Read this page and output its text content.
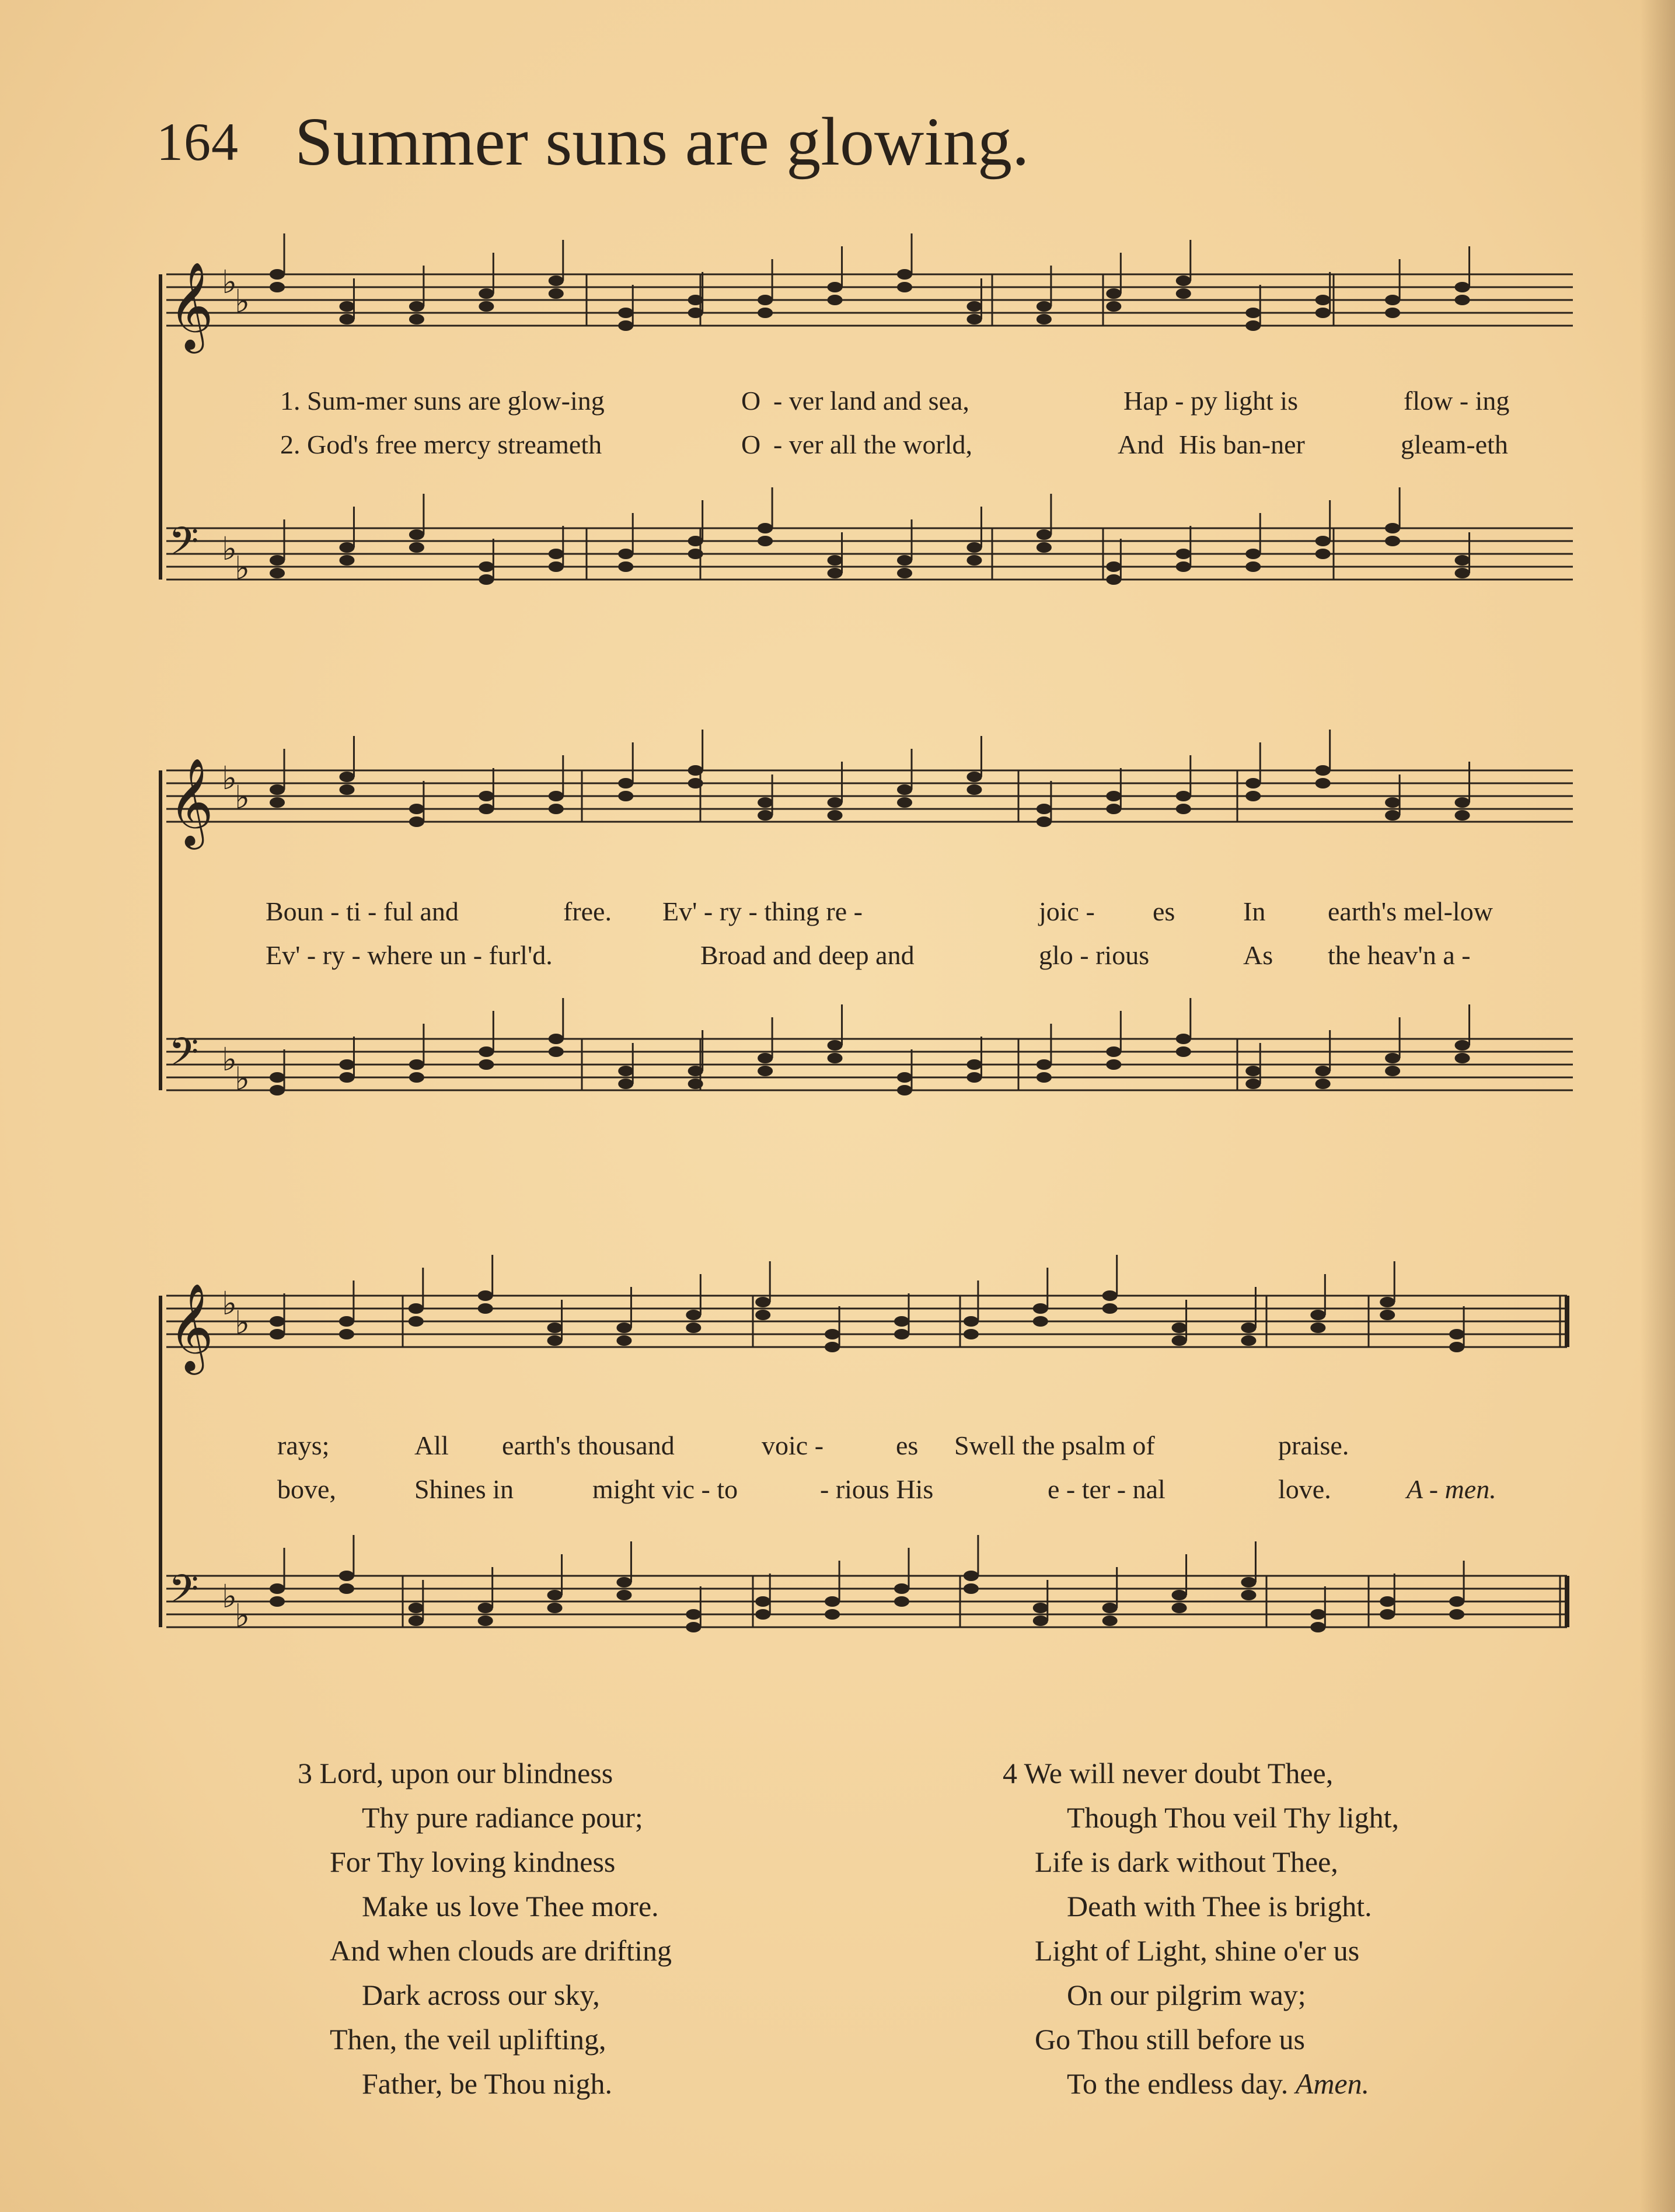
164 Summer suns are glowing.
𝄞 ♭
♭
𝄢 ♭
♭
1. Sum-mer suns are glow-ing	O - ver land and sea,	Hap - py light is	flow - ing
2. God's free mercy streameth	O - ver all the world,	And His ban-ner	gleam-eth
𝄞 ♭
♭
𝄢 ♭
♭
Boun - ti - ful and	free. Ev' - ry - thing re -	joic - es	In earth's mel-low
Ev' - ry - where un - furl'd.	Broad and deep and	glo - rious	As the heav'n a -
𝄞 ♭
♭
𝄢 ♭
♭
rays;	All earth's thousand	voic -	es Swell the psalm of	praise.
bove,	Shines in	might vic - to	- rious His	e - ter - nal	love.	A - men.
3 Lord, upon our blindness
Thy pure radiance pour;
For Thy loving kindness
Make us love Thee more.
And when clouds are drifting
Dark across our sky,
Then, the veil uplifting,
Father, be Thou nigh.
4 We will never doubt Thee,
Though Thou veil Thy light,
Life is dark without Thee,
Death with Thee is bright.
Light of Light, shine o'er us
On our pilgrim way;
Go Thou still before us
To the endless day. Amen.
